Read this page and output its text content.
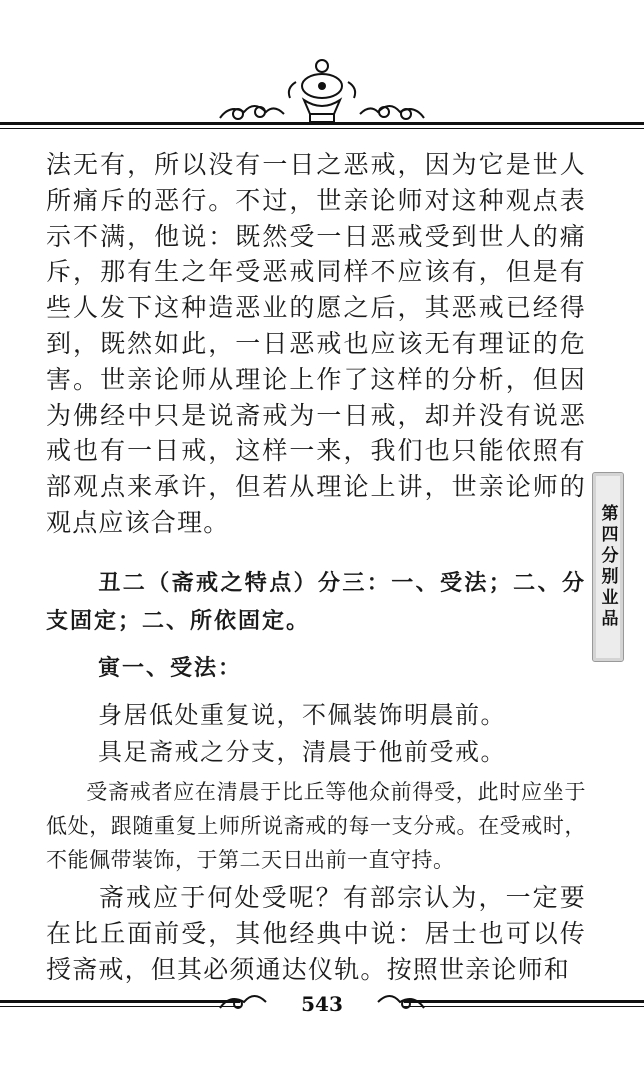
第四分别业品
法无有，所以没有一日之恶戒，因为它是世人所痛斥的恶行。不过，世亲论师对这种观点表示不满，他说：既然受一日恶戒受到世人的痛斥，那有生之年受恶戒同样不应该有，但是有些人发下这种造恶业的愿之后，其恶戒已经得到，既然如此，一日恶戒也应该无有理证的危害。世亲论师从理论上作了这样的分析，但因为佛经中只是说斋戒为一日戒，却并没有说恶戒也有一日戒，这样一来，我们也只能依照有部观点来承许，但若从理论上讲，世亲论师的观点应该合理。
丑二（斋戒之特点）分三：一、受法；二、分支固定；二、所依固定。
寅一、受法：
身居低处重复说，不佩装饰明晨前。
具足斋戒之分支，清晨于他前受戒。
受斋戒者应在清晨于比丘等他众前得受，此时应坐于低处，跟随重复上师所说斋戒的每一支分戒。在受戒时，不能佩带装饰，于第二天日出前一直守持。
斋戒应于何处受呢？有部宗认为，一定要在比丘面前受，其他经典中说：居士也可以传授斋戒，但其必须通达仪轨。按照世亲论师和
543
